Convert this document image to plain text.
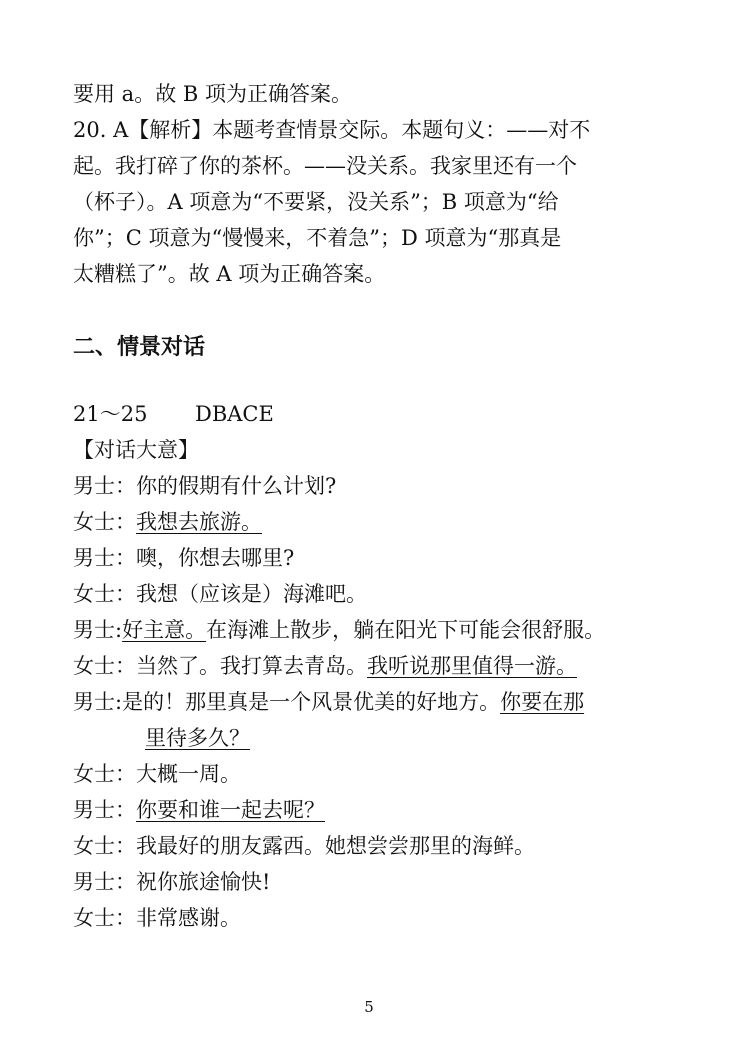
要用 a。故 B 项为正确答案。
20. A【解析】本题考查情景交际。本题句义：——对不
起。我打碎了你的茶杯。——没关系。我家里还有一个
（杯子）。A 项意为“不要紧，没关系”；B 项意为“给
你”；C 项意为“慢慢来，不着急”；D 项意为“那真是
太糟糕了”。故 A 项为正确答案。
二、情景对话
21～25 DBACE
【对话大意】
男士：你的假期有什么计划?
女士：我想去旅游。
男士：噢，你想去哪里?
女士：我想（应该是）海滩吧。
男士:好主意。在海滩上散步，躺在阳光下可能会很舒服。
女士：当然了。我打算去青岛。我听说那里值得一游。
男士:是的！那里真是一个风景优美的好地方。你要在那
里待多久？
女士：大概一周。
男士：你要和谁一起去呢？
女士：我最好的朋友露西。她想尝尝那里的海鲜。
男士：祝你旅途愉快!
女士：非常感谢。
5
